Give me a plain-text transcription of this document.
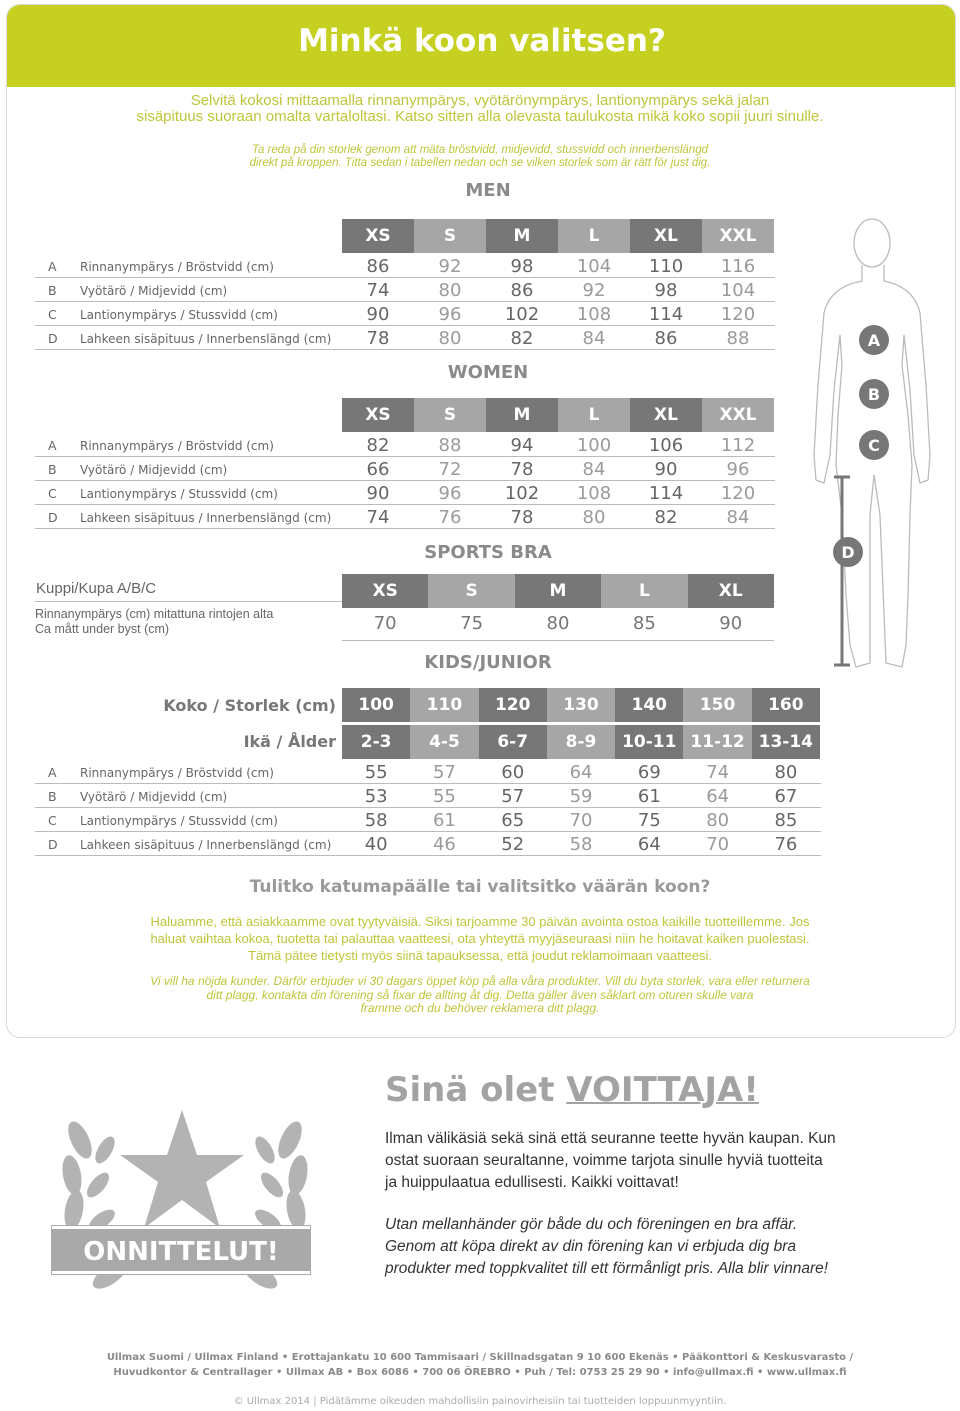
Minkä koon valitsen?
Selvitä kokosi mittaamalla rinnanympärys, vyötärönympärys, lantionympärys sekä jalan
sisäpituus suoraan omalta vartaloltasi. Katso sitten alla olevasta taulukosta mikä koko sopii juuri sinulle.
Ta reda på din storlek genom att mäta bröstvidd, midjevidd, stussvidd och innerbenslängd
direkt på kroppen. Titta sedan i tabellen nedan och se vilken storlek som är rätt för just dig.
MEN
XS	S	M	L	XL	XXL
A	Rinnanympärys / Bröstvidd (cm)	86	92	98	104	110	116
B	Vyötärö / Midjevidd (cm)	74	80	86	92	98	104
C	Lantionympärys / Stussvidd (cm)	90	96	102	108	114	120
D	Lahkeen sisäpituus / Innerbenslängd (cm)	78	80	82	84	86	88
WOMEN
XS	S	M	L	XL	XXL
A	Rinnanympärys / Bröstvidd (cm)	82	88	94	100	106	112
B	Vyötärö / Midjevidd (cm)	66	72	78	84	90	96
C	Lantionympärys / Stussvidd (cm)	90	96	102	108	114	120
D	Lahkeen sisäpituus / Innerbenslängd (cm)	74	76	78	80	82	84
SPORTS BRA
Kuppi/Kupa A/B/C
Rinnanympärys (cm) mitattuna rintojen alta
Ca mått under byst (cm)
XS	S	M	L	XL
70	75	80	85	90
KIDS/JUNIOR
Koko / Storlek (cm)
Ikä / Ålder
100	110	120	130	140	150	160
2-3	4-5	6-7	8-9	10-11 11-12 13-14
A	Rinnanympärys / Bröstvidd (cm)	55	57	60	64	69	74	80
B	Vyötärö / Midjevidd (cm)	53	55	57	59	61	64	67
C	Lantionympärys / Stussvidd (cm)	58	61	65	70	75	80	85
D	Lahkeen sisäpituus / Innerbenslängd (cm)	40	46	52	58	64	70	76
A
B
C
D
Tulitko katumapäälle tai valitsitko väärän koon?
Haluamme, että asiakkaamme ovat tyytyväisiä. Siksi tarjoamme 30 päivän avointa ostoa kaikille tuotteillemme. Jos
haluat vaihtaa kokoa, tuotetta tai palauttaa vaatteesi, ota yhteyttä myyjäseuraasi niin he hoitavat kaiken puolestasi.
Tämä pätee tietysti myös siinä tapauksessa, että joudut reklamoimaan vaatteesi.
Vi vill ha nöjda kunder. Därför erbjuder vi 30 dagars öppet köp på alla våra produkter. Vill du byta storlek, vara eller returnera
ditt plagg, kontakta din förening så fixar de allting åt dig. Detta gäller även såklart om oturen skulle vara
framme och du behöver reklamera ditt plagg.
ONNITTELUT!
Sinä olet VOITTAJA!
Ilman välikäsiä sekä sinä että seuranne teette hyvän kaupan. Kun
ostat suoraan seuraltanne, voimme tarjota sinulle hyviä tuotteita
ja huippulaatua edullisesti. Kaikki voittavat!
Utan mellanhänder gör både du och föreningen en bra affär.
Genom att köpa direkt av din förening kan vi erbjuda dig bra
produkter med toppkvalitet till ett förmånligt pris. Alla blir vinnare!
Ullmax Suomi / Ullmax Finland • Erottajankatu 10 600 Tammisaari / Skillnadsgatan 9 10 600 Ekenäs • Pääkonttori & Keskusvarasto /
Huvudkontor & Centrallager • Ullmax AB • Box 6086 • 700 06 ÖREBRO • Puh / Tel: 0753 25 29 90 • info@ullmax.fi • www.ullmax.fi
© Ullmax 2014 | Pidätämme oikeuden mahdollisiin painovirheisiin tai tuotteiden loppuunmyyntiin.
